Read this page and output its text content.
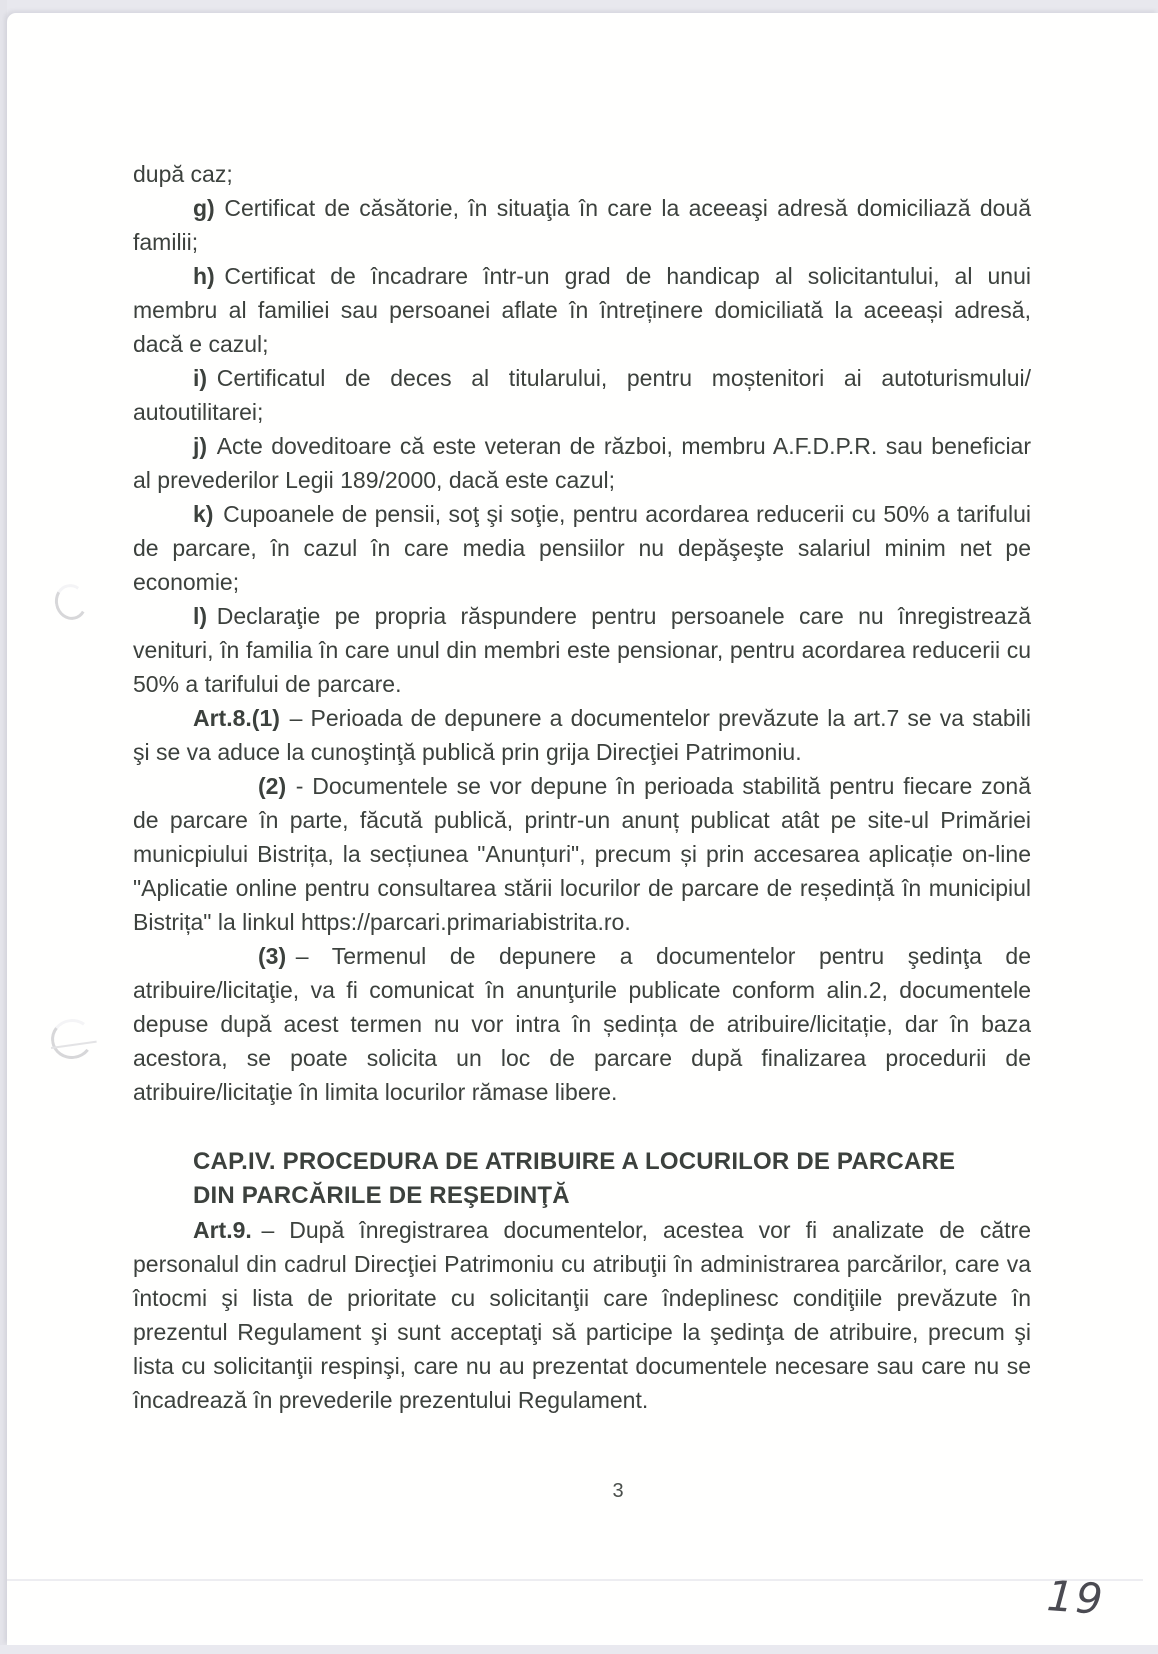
după caz;

g) Certificat de căsătorie, în situaţia în care la aceeaşi adresă domiciliază două familii;

h) Certificat de încadrare într-un grad de handicap al solicitantului, al unui membru al familiei sau persoanei aflate în întreținere domiciliată la aceeași adresă, dacă e cazul;

i) Certificatul de deces al titularului, pentru moștenitori ai autoturismului/ autoutilitarei;

j) Acte doveditoare că este veteran de război, membru A.F.D.P.R. sau beneficiar al prevederilor Legii 189/2000, dacă este cazul;

k) Cupoanele de pensii, soţ şi soţie, pentru acordarea reducerii cu 50% a tarifului de parcare, în cazul în care media pensiilor nu depăşeşte salariul minim net pe economie;

l) Declaraţie pe propria răspundere pentru persoanele care nu înregistrează venituri, în familia în care unul din membri este pensionar, pentru acordarea reducerii cu 50% a tarifului de parcare.

Art.8.(1) – Perioada de depunere a documentelor prevăzute la art.7 se va stabili şi se va aduce la cunoştinţă publică prin grija Direcţiei Patrimoniu.

(2) - Documentele se vor depune în perioada stabilită pentru fiecare zonă de parcare în parte, făcută publică, printr-un anunț publicat atât pe site-ul Primăriei municpiului Bistrița, la secțiunea "Anunțuri", precum și prin accesarea aplicație on-line "Aplicatie online pentru consultarea stării locurilor de parcare de reședință în municipiul Bistrița" la linkul https://parcari.primariabistrita.ro.

(3) – Termenul de depunere a documentelor pentru şedinţa de atribuire/licitaţie, va fi comunicat în anunţurile publicate conform alin.2, documentele depuse după acest termen nu vor intra în ședința de atribuire/licitație, dar în baza acestora, se poate solicita un loc de parcare după finalizarea procedurii de atribuire/licitaţie în limita locurilor rămase libere.

CAP.IV. PROCEDURA DE ATRIBUIRE A LOCURILOR DE PARCARE
DIN PARCĂRILE DE REŞEDINŢĂ

Art.9. – După înregistrarea documentelor, acestea vor fi analizate de către personalul din cadrul Direcţiei Patrimoniu cu atribuţii în administrarea parcărilor, care va întocmi şi lista de prioritate cu solicitanţii care îndeplinesc condiţiile prevăzute în prezentul Regulament şi sunt acceptaţi să participe la şedinţa de atribuire, precum şi lista cu solicitanţii respinşi, care nu au prezentat documentele necesare sau care nu se încadrează în prevederile prezentului Regulament.

3
19
